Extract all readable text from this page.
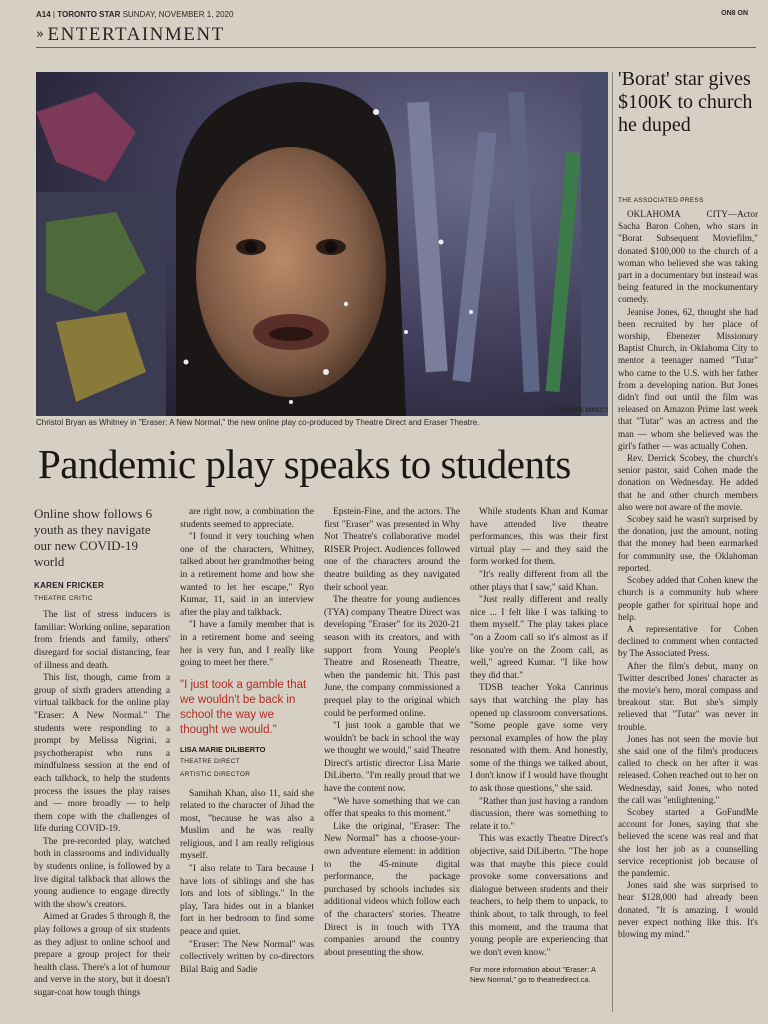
A14 | TORONTO STAR SUNDAY, NOVEMBER 1, 2020	ON8 ON
» ENTERTAINMENT
THEATRE DIRECT
Christol Bryan as Whitney in "Eraser: A New Normal," the new online play co-produced by Theatre Direct and Eraser Theatre.
Pandemic play speaks to students
Online show follows 6 youth as they navigate our new COVID-19 world
KAREN FRICKER
THEATRE CRITIC

The list of stress inducers is familiar: Working online, separation from friends and family, others' disregard for social distancing, fear of illness and death.

This list, though, came from a group of sixth graders attending a virtual talkback for the online play "Eraser: A New Normal." The students were responding to a prompt by Melissa Nigrini, a psychotherapist who runs a mindfulness session at the end of each talkback, to help the students process the issues the play raises and — more broadly — to help them cope with the challenges of life during COVID-19.

The pre-recorded play, watched both in classrooms and individually by students online, is followed by a live digital talkback that allows the young audience to engage directly with the show's creators.

Aimed at Grades 5 through 8, the play follows a group of six students as they adjust to online school and prepare a group project for their health class. There's a lot of humour and verve in the story, but it doesn't sugar-coat how tough things

are right now, a combination the students seemed to appreciate.

"I found it very touching when one of the characters, Whitney, talked about her grandmother being in a retirement home and how she wanted to let her escape," Ryo Kumar, 11, said in an interview after the play and talkback.

"I have a family member that is in a retirement home and seeing her is very fun, and I really like going to meet her there."

"I just took a gamble that we wouldn't be back in school the way we thought we would."
LISA MARIE DILIBERTO
THEATRE DIRECT
ARTISTIC DIRECTOR

Samihah Khan, also 11, said she related to the character of Jihad the most, "because he was also a Muslim and he was really religious, and I am really religious myself.

"I also relate to Tara because I have lots of siblings and she has lots and lots of siblings." In the play, Tara hides out in a blanket fort in her bedroom to find some peace and quiet.

"Eraser: The New Normal" was collectively written by co-directors Bilal Baig and Sadie

Epstein-Fine, and the actors. The first "Eraser" was presented in Why Not Theatre's collaborative model RISER Project. Audiences followed one of the characters around the theatre building as they navigated their school year.

The theatre for young audiences (TYA) company Theatre Direct was developing "Eraser" for its 2020-21 season with its creators, and with support from Young People's Theatre and Roseneath Theatre, when the pandemic hit. This past June, the company commissioned a prequel play to the original which could be performed online.

"I just took a gamble that we wouldn't be back in school the way we thought we would," said Theatre Direct's artistic director Lisa Marie DiLiberto. "I'm really proud that we have the content now.

"We have something that we can offer that speaks to this moment."

Like the original, "Eraser: The New Normal" has a choose-your-own adventure element: in addition to the 45-minute digital performance, the package purchased by schools includes six additional videos which follow each of the characters' stories. Theatre Direct is in touch with TYA companies around the country about presenting the show.

While students Khan and Kumar have attended live theatre performances, this was their first virtual play — and they said the form worked for them.

"It's really different from all the other plays that I saw," said Khan.

"Just really different and really nice ... I felt like I was talking to them myself." The play takes place "on a Zoom call so it's almost as if like you're on the Zoom call, as well," agreed Kumar. "I like how they did that."

TDSB teacher Yoka Canrinus says that watching the play has opened up classroom conversations. "Some people gave some very personal examples of how the play resonated with them. And honestly, some of the things we talked about, I don't know if I would have thought to ask those questions," she said.

"Rather than just having a random discussion, there was something to relate it to."

This was exactly Theatre Direct's objective, said DiLiberto. "The hope was that maybe this piece could provoke some conversations and dialogue between students and their teachers, to help them to unpack, to think about, to talk through, to feel this moment, and the trauma that young people are experiencing that we don't even know."

For more information about "Eraser: A New Normal," go to theatredirect.ca.
'Borat' star gives $100K to church he duped
THE ASSOCIATED PRESS

OKLAHOMA CITY—Actor Sacha Baron Cohen, who stars in "Borat Subsequent Moviefilm," donated $100,000 to the church of a woman who believed she was taking part in a documentary but instead was being featured in the mockumentary comedy.

Jeanise Jones, 62, thought she had been recruited by her place of worship, Ebenezer Missionary Baptist Church, in Oklahoma City to mentor a teenager named "Tutar" who came to the U.S. with her father from a developing nation. But Jones didn't find out until the film was released on Amazon Prime last week that "Tutar" was an actress and the man — whom she believed was the girl's father — was actually Cohen.

Rev. Derrick Scobey, the church's senior pastor, said Cohen made the donation on Wednesday. He added that he and other church members also were not aware of the movie.

Scobey said he wasn't surprised by the donation, just the amount, noting that the money had been earmarked for community use, the Oklahoman reported.

Scobey added that Cohen knew the church is a community hub where people gather for spiritual hope and help.

A representative for Cohen declined to comment when contacted by The Associated Press.

After the film's debut, many on Twitter described Jones' character as the movie's hero, moral compass and breakout star. But she's simply relieved that "Tutar" was never in trouble.

Jones has not seen the movie but she said one of the film's producers called to check on her after it was released. Cohen reached out to her on Wednesday, said Jones, who noted the call was "enlightening."

Scobey started a GoFundMe account for Jones, saying that she believed the scene was real and that she lost her job as a counselling service receptionist job because of the pandemic.

Jones said she was surprised to hear $128,000 had already been donated. "It is amazing. I would never expect nothing like this. It's blowing my mind."
